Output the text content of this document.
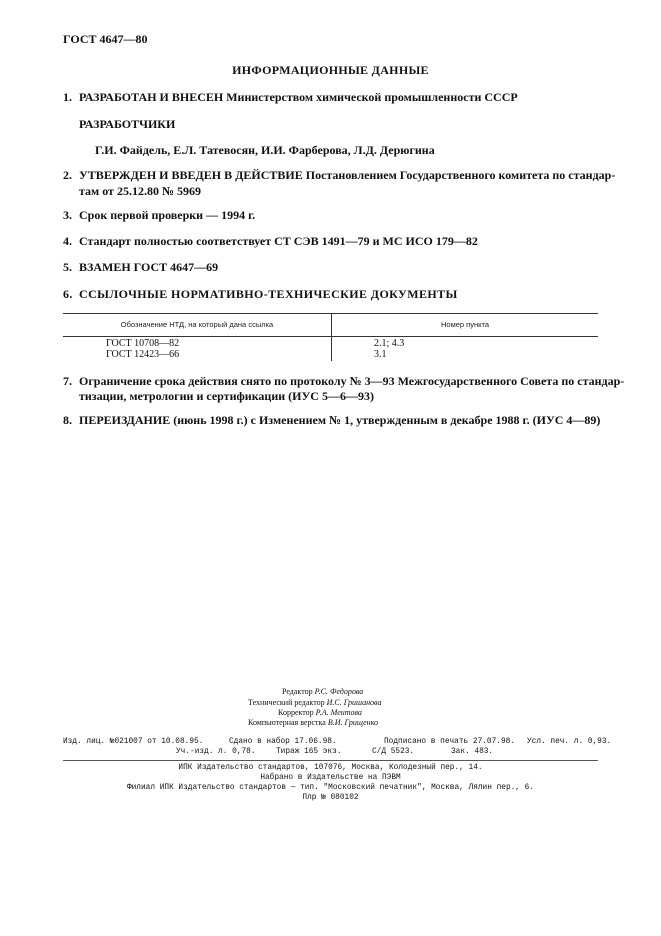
ГОСТ 4647—80
ИНФОРМАЦИОННЫЕ ДАННЫЕ
1. РАЗРАБОТАН И ВНЕСЕН Министерством химической промышленности СССР
РАЗРАБОТЧИКИ
Г.И. Файдель, Е.Л. Татевосян, И.И. Фарберова, Л.Д. Дерюгина
2. УТВЕРЖДЕН И ВВЕДЕН В ДЕЙСТВИЕ Постановлением Государственного комитета по стандар-
там от 25.12.80 № 5969
3. Срок первой проверки — 1994 г.
4. Стандарт полностью соответствует СТ СЭВ 1491—79 и МС ИСО 179—82
5. ВЗАМЕН ГОСТ 4647—69
6. ССЫЛОЧНЫЕ НОРМАТИВНО-ТЕХНИЧЕСКИЕ ДОКУМЕНТЫ
Обозначение НТД, на который дана ссылка	Номер пункта
ГОСТ 10708—82	2.1; 4.3
ГОСТ 12423—66	3.1
7. Ограничение срока действия снято по протоколу № 3—93 Межгосударственного Совета по стандар-
тизации, метрологии и сертификации (ИУС 5—6—93)
8. ПЕРЕИЗДАНИЕ (июнь 1998 г.) с Изменением № 1, утвержденным в декабре 1988 г. (ИУС 4—89)
Редактор Р.С. Федорова
Технический редактор И.С. Гришанова
Корректор Р.А. Ментова
Компьютерная верстка В.И. Грищенко
Изд. лиц. №021007 от 10.08.95.	Сдано в набор 17.06.98.	Подписано в печать 27.07.98. Усл. печ. л. 0,93.
Уч.-изд. л. 0,78.	Тираж 165 экз.	С/Д 5523.	Зак. 483.
ИПК Издательство стандартов, 107076, Москва, Колодезный пер., 14.
Набрано в Издательстве на ПЭВМ
Филиал ИПК Издательство стандартов — тип. "Московский печатник", Москва, Лялин пер., 6.
Плр № 080102
